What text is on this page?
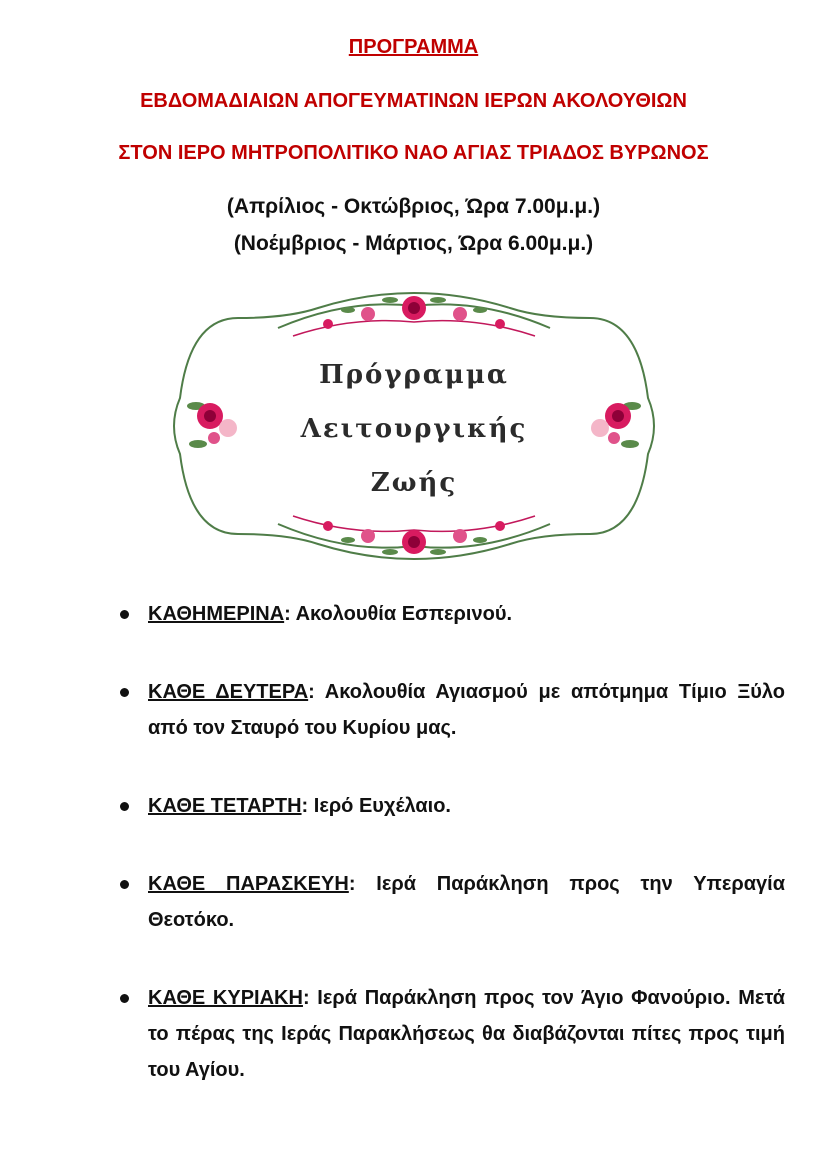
ΠΡΟΓΡΑΜΜΑ
ΕΒΔΟΜΑΔΙΑΙΩΝ ΑΠΟΓΕΥΜΑΤΙΝΩΝ ΙΕΡΩΝ ΑΚΟΛΟΥΘΙΩΝ
ΣΤΟΝ ΙΕΡΟ ΜΗΤΡΟΠΟΛΙΤΙΚΟ ΝΑΟ ΑΓΙΑΣ ΤΡΙΑΔΟΣ ΒΥΡΩΝΟΣ

(Απρίλιος - Οκτώβριος, Ώρα 7.00μ.μ.)

(Νοέμβριος - Μάρτιος, Ώρα 6.00μ.μ.)

Πρόγραμμα
Λειτουργικής
Ζωής
ΚΑΘΗΜΕΡΙΝΑ: Ακολουθία Εσπερινού.
ΚΑΘΕ ΔΕΥΤΕΡΑ: Ακολουθία Αγιασμού με απότμημα Τίμιο Ξύλο από τον Σταυρό του Κυρίου μας.
ΚΑΘΕ ΤΕΤΑΡΤΗ: Ιερό Ευχέλαιο.
ΚΑΘΕ ΠΑΡΑΣΚΕΥΗ: Ιερά Παράκληση προς την Υπεραγία Θεοτόκο.
ΚΑΘΕ ΚΥΡΙΑΚΗ: Ιερά Παράκληση προς τον Άγιο Φανούριο. Μετά το πέρας της Ιεράς Παρακλήσεως θα διαβάζονται πίτες προς τιμή του Αγίου.
